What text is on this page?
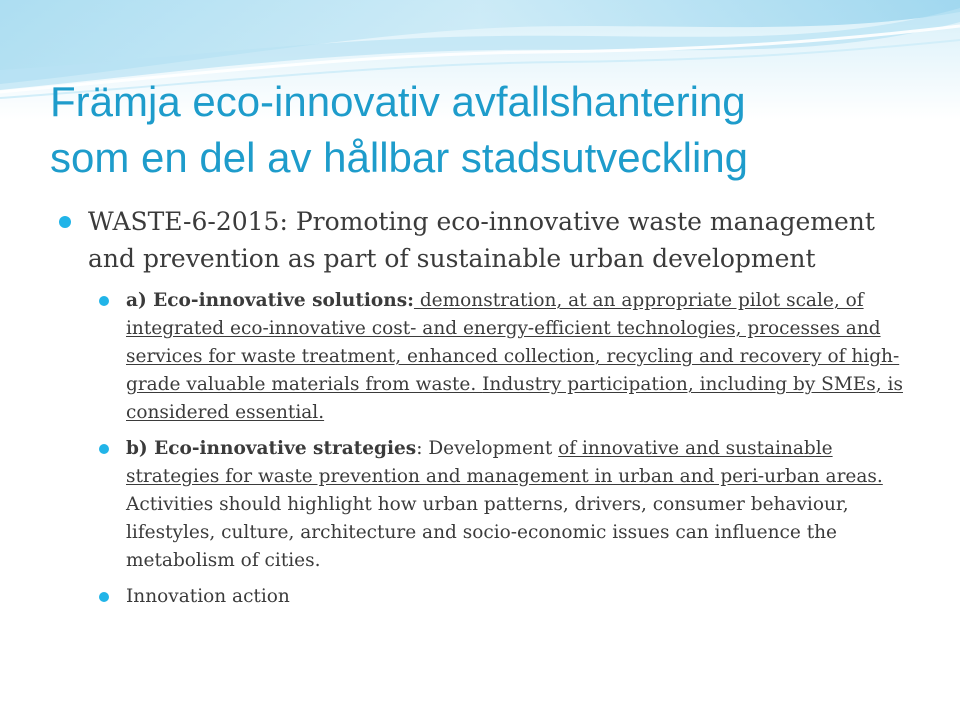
Främja eco-innovativ avfallshantering
som en del av hållbar stadsutveckling
WASTE-6-2015: Promoting eco-innovative waste management and prevention as part of sustainable urban development
a) Eco-innovative solutions: demonstration, at an appropriate pilot scale, of integrated eco-innovative cost- and energy-efficient technologies, processes and services for waste treatment, enhanced collection, recycling and recovery of high-grade valuable materials from waste. Industry participation, including by SMEs, is considered essential.
b) Eco-innovative strategies: Development of innovative and sustainable strategies for waste prevention and management in urban and peri-urban areas. Activities should highlight how urban patterns, drivers, consumer behaviour, lifestyles, culture, architecture and socio-economic issues can influence the metabolism of cities.
Innovation action
